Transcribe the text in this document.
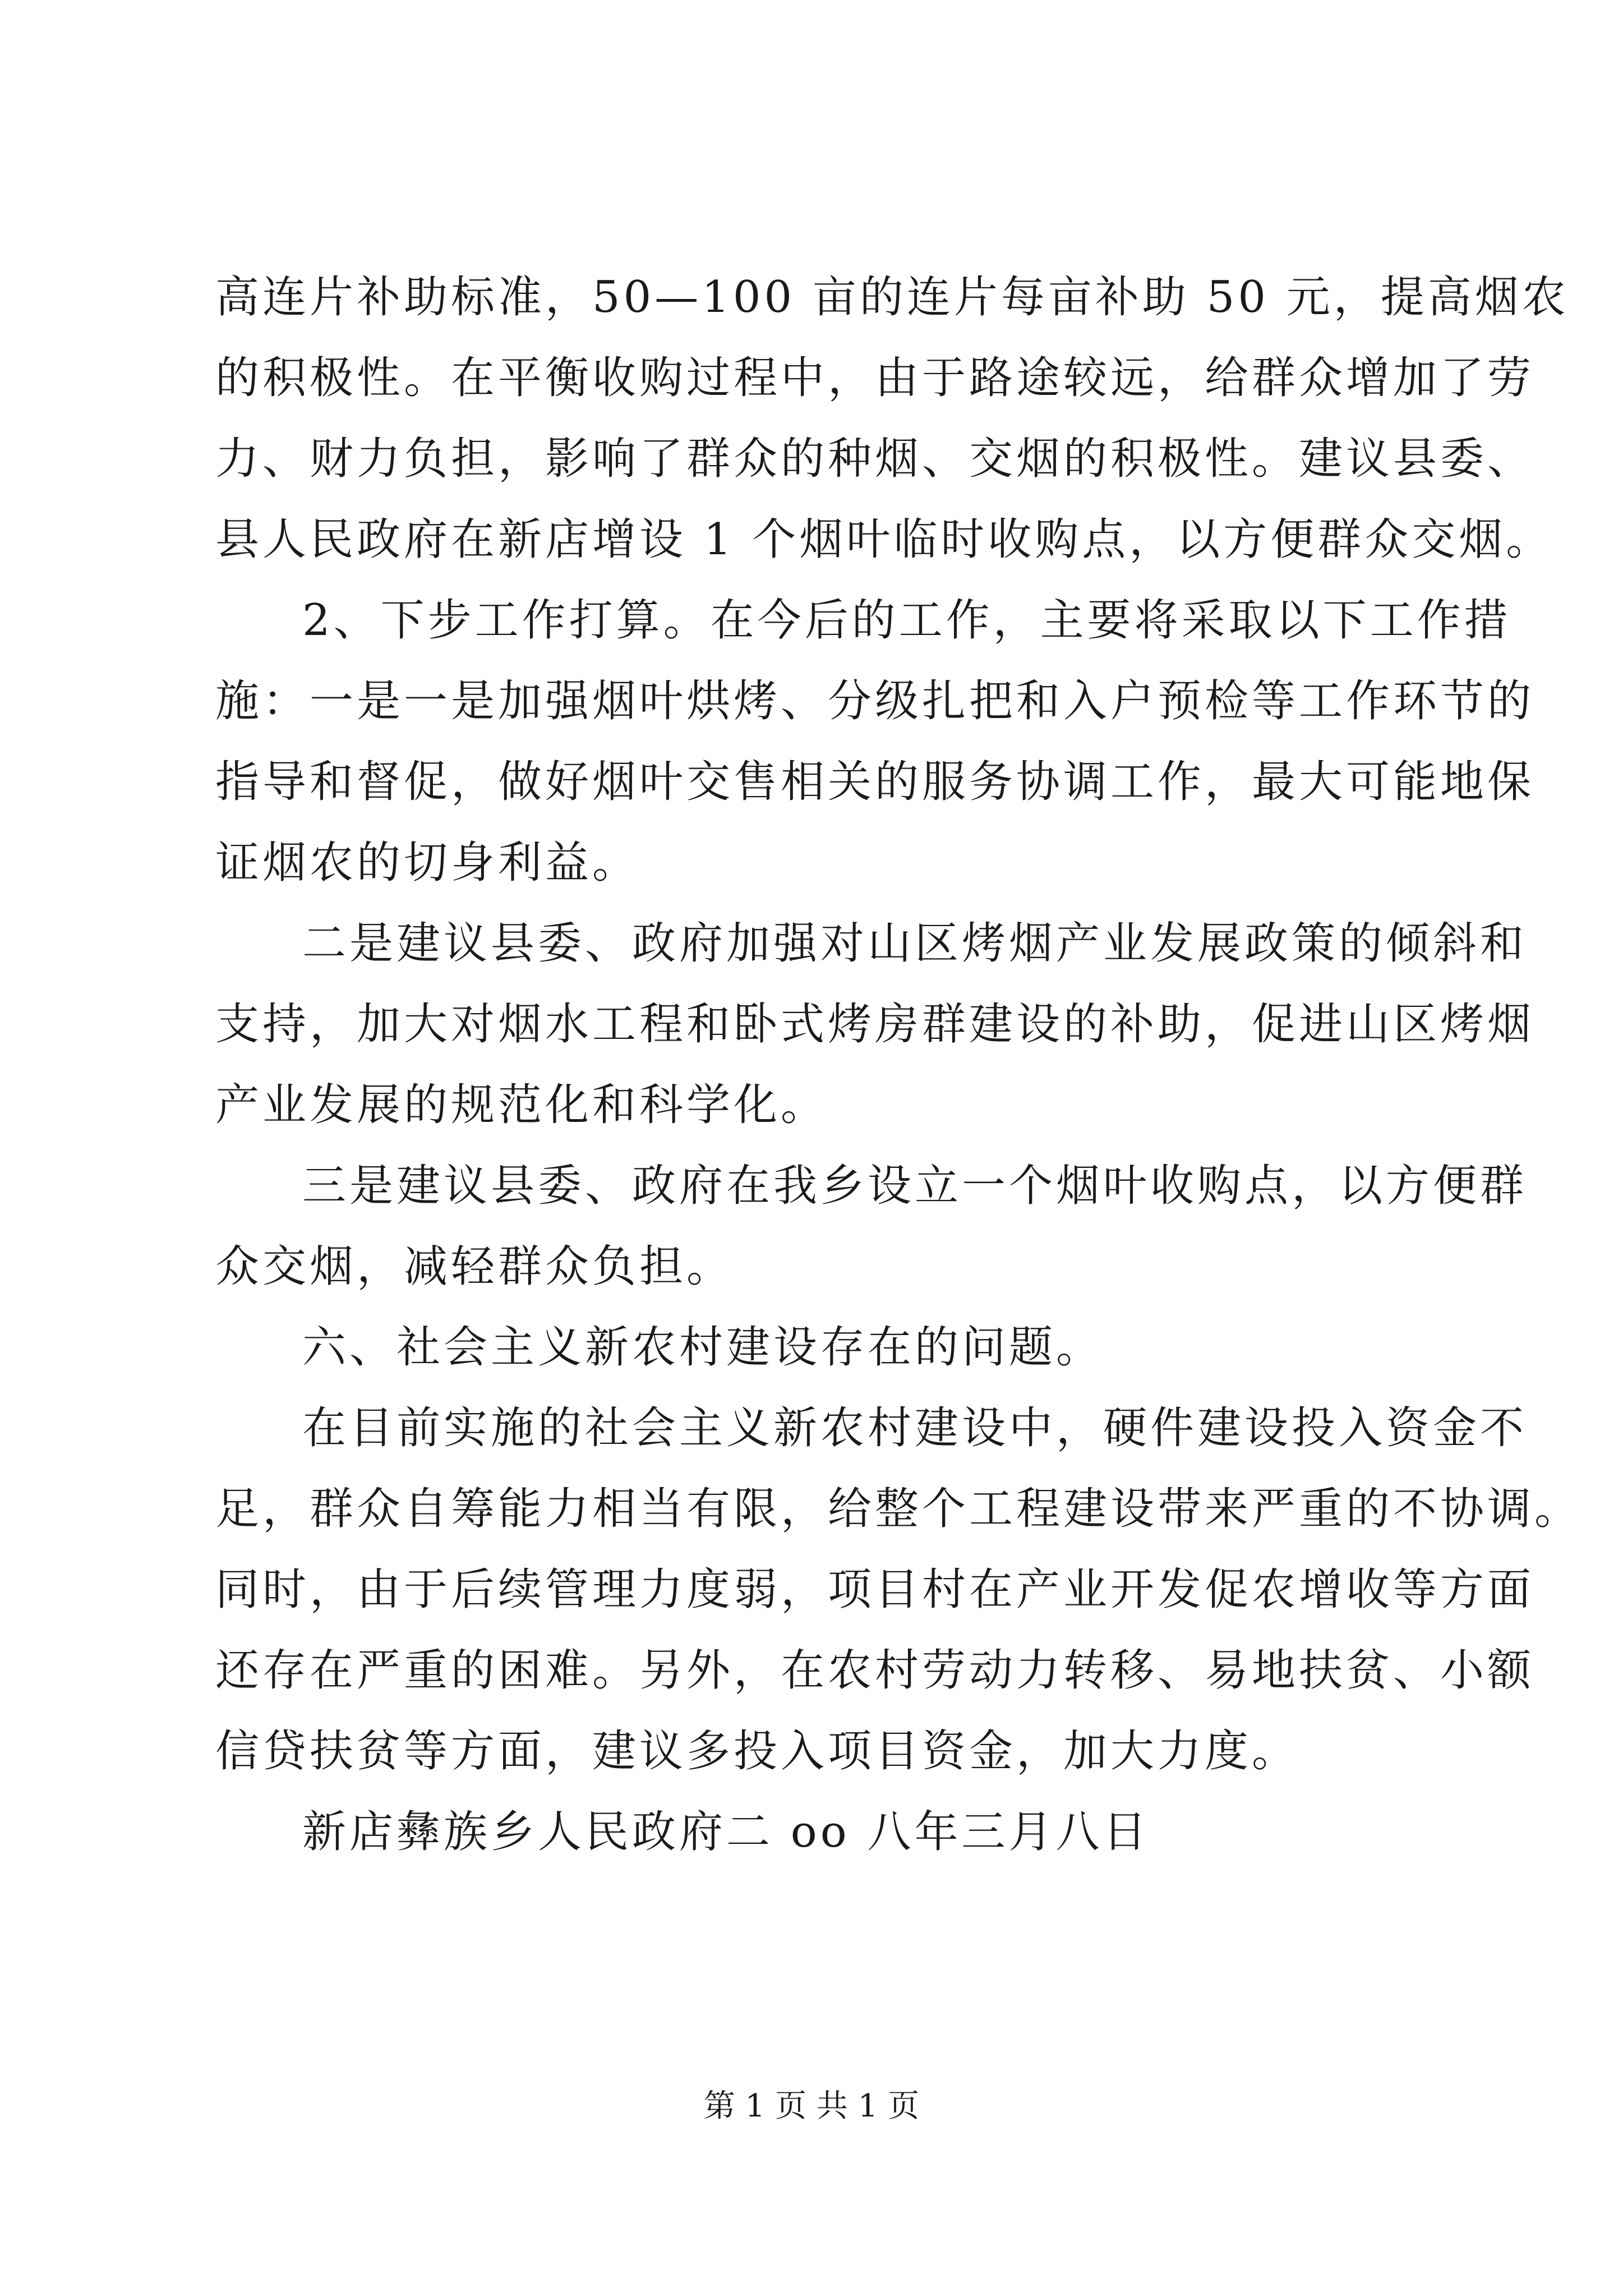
高连片补助标准，50—100 亩的连片每亩补助 50 元，提高烟农
的积极性。在平衡收购过程中，由于路途较远，给群众增加了劳
力、财力负担，影响了群众的种烟、交烟的积极性。建议县委、
县人民政府在新店增设 1 个烟叶临时收购点，以方便群众交烟。
2、下步工作打算。在今后的工作，主要将采取以下工作措
施：一是一是加强烟叶烘烤、分级扎把和入户预检等工作环节的
指导和督促，做好烟叶交售相关的服务协调工作，最大可能地保
证烟农的切身利益。
二是建议县委、政府加强对山区烤烟产业发展政策的倾斜和
支持，加大对烟水工程和卧式烤房群建设的补助，促进山区烤烟
产业发展的规范化和科学化。
三是建议县委、政府在我乡设立一个烟叶收购点，以方便群
众交烟，减轻群众负担。
六、社会主义新农村建设存在的问题。
在目前实施的社会主义新农村建设中，硬件建设投入资金不
足，群众自筹能力相当有限，给整个工程建设带来严重的不协调。
同时，由于后续管理力度弱，项目村在产业开发促农增收等方面
还存在严重的困难。另外，在农村劳动力转移、易地扶贫、小额
信贷扶贫等方面，建议多投入项目资金，加大力度。
新店彝族乡人民政府二 oo 八年三月八日
第 1 页 共 1 页
